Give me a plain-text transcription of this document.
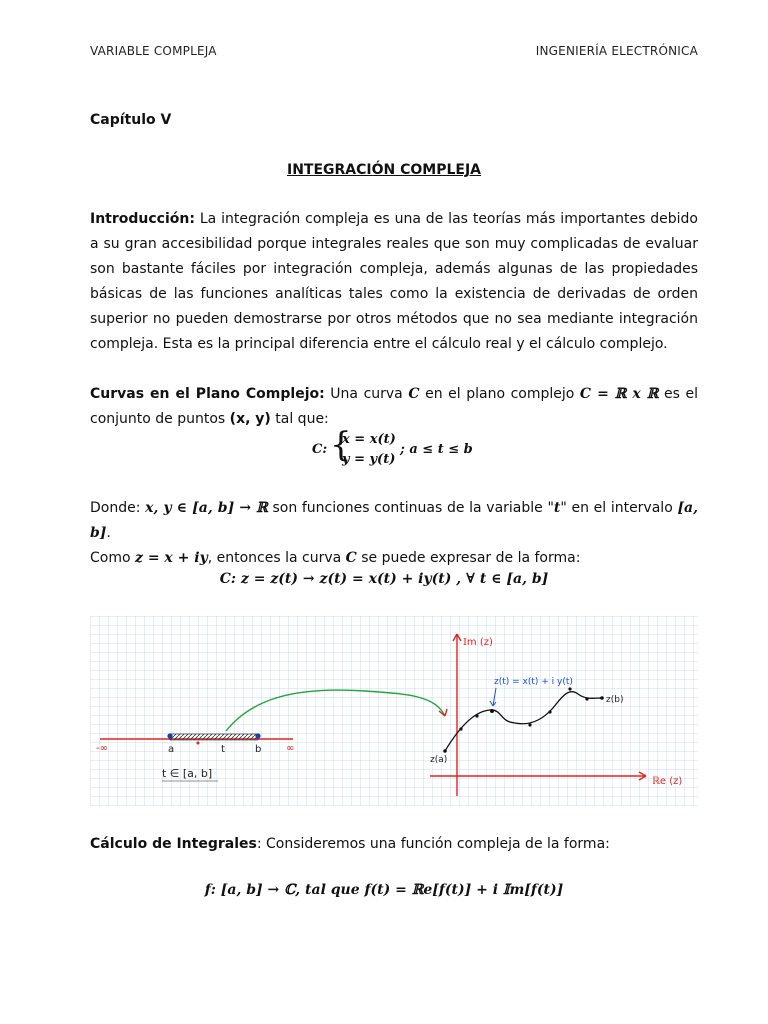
VARIABLE COMPLEJA	INGENIERÍA ELECTRÓNICA
Capítulo V
INTEGRACIÓN COMPLEJA
Introducción: La integración compleja es una de las teorías más importantes debido a su gran accesibilidad porque integrales reales que son muy complicadas de evaluar son bastante fáciles por integración compleja, además algunas de las propiedades básicas de las funciones analíticas tales como la existencia de derivadas de orden superior no pueden demostrarse por otros métodos que no sea mediante integración compleja. Esta es la principal diferencia entre el cálculo real y el cálculo complejo.
Curvas en el Plano Complejo: Una curva C en el plano complejo C = ℝ x ℝ es el conjunto de puntos (x, y) tal que:
C: {
x = x(t)
y = y(t)
; a ≤ t ≤ b
Donde: x, y ∈ [a, b] → ℝ son funciones continuas de la variable "t" en el intervalo [a, b].
Como z = x + iy, entonces la curva C se puede expresar de la forma:
C: z = z(t) → z(t) = x(t) + iy(t) , ∀ t ∈ [a, b]
-∞	∞
a	t	b
t ∈ [a, b]
𝕀m (z)
ℝe (z)
z(a)
z(b)
z(t) = x(t) + i y(t)
Cálculo de Integrales: Consideremos una función compleja de la forma:
f: [a, b] → ℂ, tal que f(t) = ℝe[f(t)] + i 𝕀m[f(t)]
